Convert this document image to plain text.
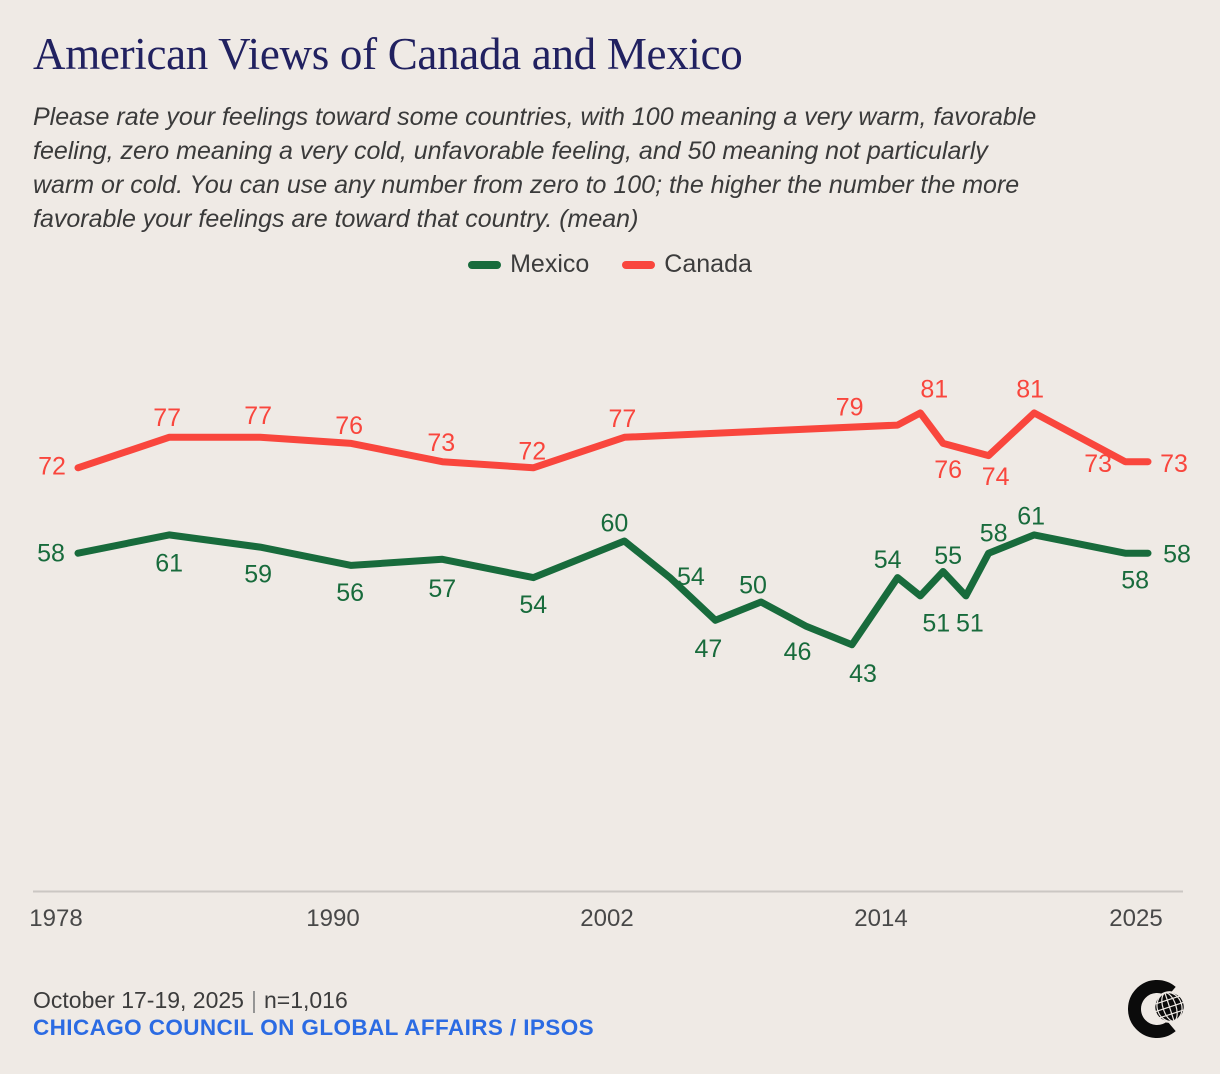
American Views of Canada and Mexico
Please rate your feelings toward some countries, with 100 meaning a very warm, favorable
feeling, zero meaning a very cold, unfavorable feeling, and 50 meaning not particularly
warm or cold. You can use any number from zero to 100; the higher the number the more
favorable your feelings are toward that country. (mean)
Mexico	Canada
1978	1990	2002	2014	2025
58	61 59
56	57
54
60
54
47
50
46
43
54
51
55
51
58
61
58
58
72
77	77	76
73	72
77	79
81
76 74
81
73 73
October 17-19, 2025 | n=1,016
CHICAGO COUNCIL ON GLOBAL AFFAIRS / IPSOS
